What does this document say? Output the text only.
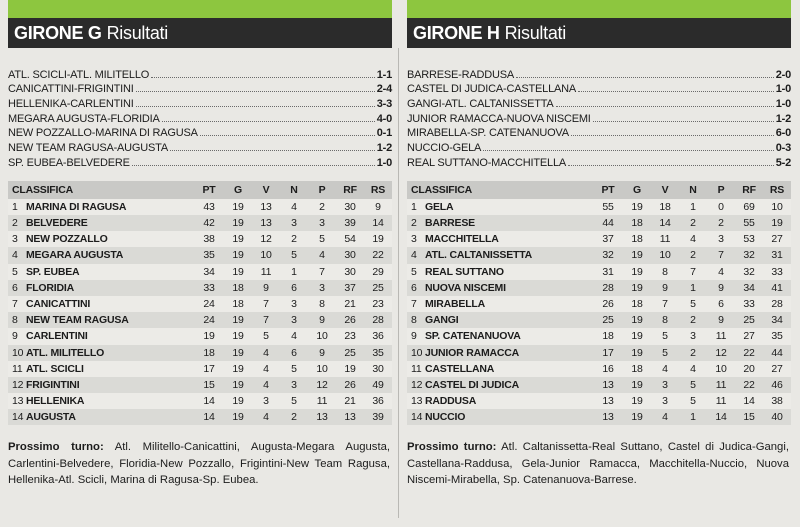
GIRONE G Risultati
ATL. SCICLI-ATL. MILITELLO	1-1
CANICATTINI-FRIGINTINI	2-4
HELLENIKA-CARLENTINI	3-3
MEGARA AUGUSTA-FLORIDIA	4-0
NEW POZZALLO-MARINA DI RAGUSA	0-1
NEW TEAM RAGUSA-AUGUSTA	1-2
SP. EUBEA-BELVEDERE	1-0
CLASSIFICA	PT	G	V	N	P	RF	RS
1 MARINA DI RAGUSA	43	19	13	4	2	30	9
2 BELVEDERE	42	19	13	3	3	39	14
3 NEW POZZALLO	38	19	12	2	5	54	19
4 MEGARA AUGUSTA	35	19	10	5	4	30	22
5 SP. EUBEA	34	19	11	1	7	30	29
6 FLORIDIA	33	18	9	6	3	37	25
7 CANICATTINI	24	18	7	3	8	21	23
8 NEW TEAM RAGUSA	24	19	7	3	9	26	28
9 CARLENTINI	19	19	5	4	10	23	36
10 ATL. MILITELLO	18	19	4	6	9	25	35
11 ATL. SCICLI	17	19	4	5	10	19	30
12 FRIGINTINI	15	19	4	3	12	26	49
13 HELLENIKA	14	19	3	5	11	21	36
14 AUGUSTA	14	19	4	2	13	13	39
Prossimo turno: Atl. Militello-Canicattini, Augusta-Megara Augusta, Carlentini-Belvedere, Floridia-New Pozzallo, Frigintini-New Team Ragusa, Hellenika-Atl. Scicli, Marina di Ragusa-Sp. Eubea.
GIRONE H Risultati
BARRESE-RADDUSA	2-0
CASTEL DI JUDICA-CASTELLANA	1-0
GANGI-ATL. CALTANISSETTA	1-0
JUNIOR RAMACCA-NUOVA NISCEMI	1-2
MIRABELLA-SP. CATENANUOVA	6-0
NUCCIO-GELA	0-3
REAL SUTTANO-MACCHITELLA	5-2
CLASSIFICA	PT	G	V	N	P	RF	RS
1 GELA	55	19	18	1	0	69	10
2 BARRESE	44	18	14	2	2	55	19
3 MACCHITELLA	37	18	11	4	3	53	27
4 ATL. CALTANISSETTA	32	19	10	2	7	32	31
5 REAL SUTTANO	31	19	8	7	4	32	33
6 NUOVA NISCEMI	28	19	9	1	9	34	41
7 MIRABELLA	26	18	7	5	6	33	28
8 GANGI	25	19	8	2	9	25	34
9 SP. CATENANUOVA	18	19	5	3	11	27	35
10 JUNIOR RAMACCA	17	19	5	2	12	22	44
11 CASTELLANA	16	18	4	4	10	20	27
12 CASTEL DI JUDICA	13	19	3	5	11	22	46
13 RADDUSA	13	19	3	5	11	14	38
14 NUCCIO	13	19	4	1	14	15	40
Prossimo turno: Atl. Caltanissetta-Real Suttano, Castel di Judica-Gangi, Castellana-Raddusa, Gela-Junior Ramacca, Macchitella-Nuccio, Nuova Niscemi-Mirabella, Sp. Catenanuova-Barrese.
